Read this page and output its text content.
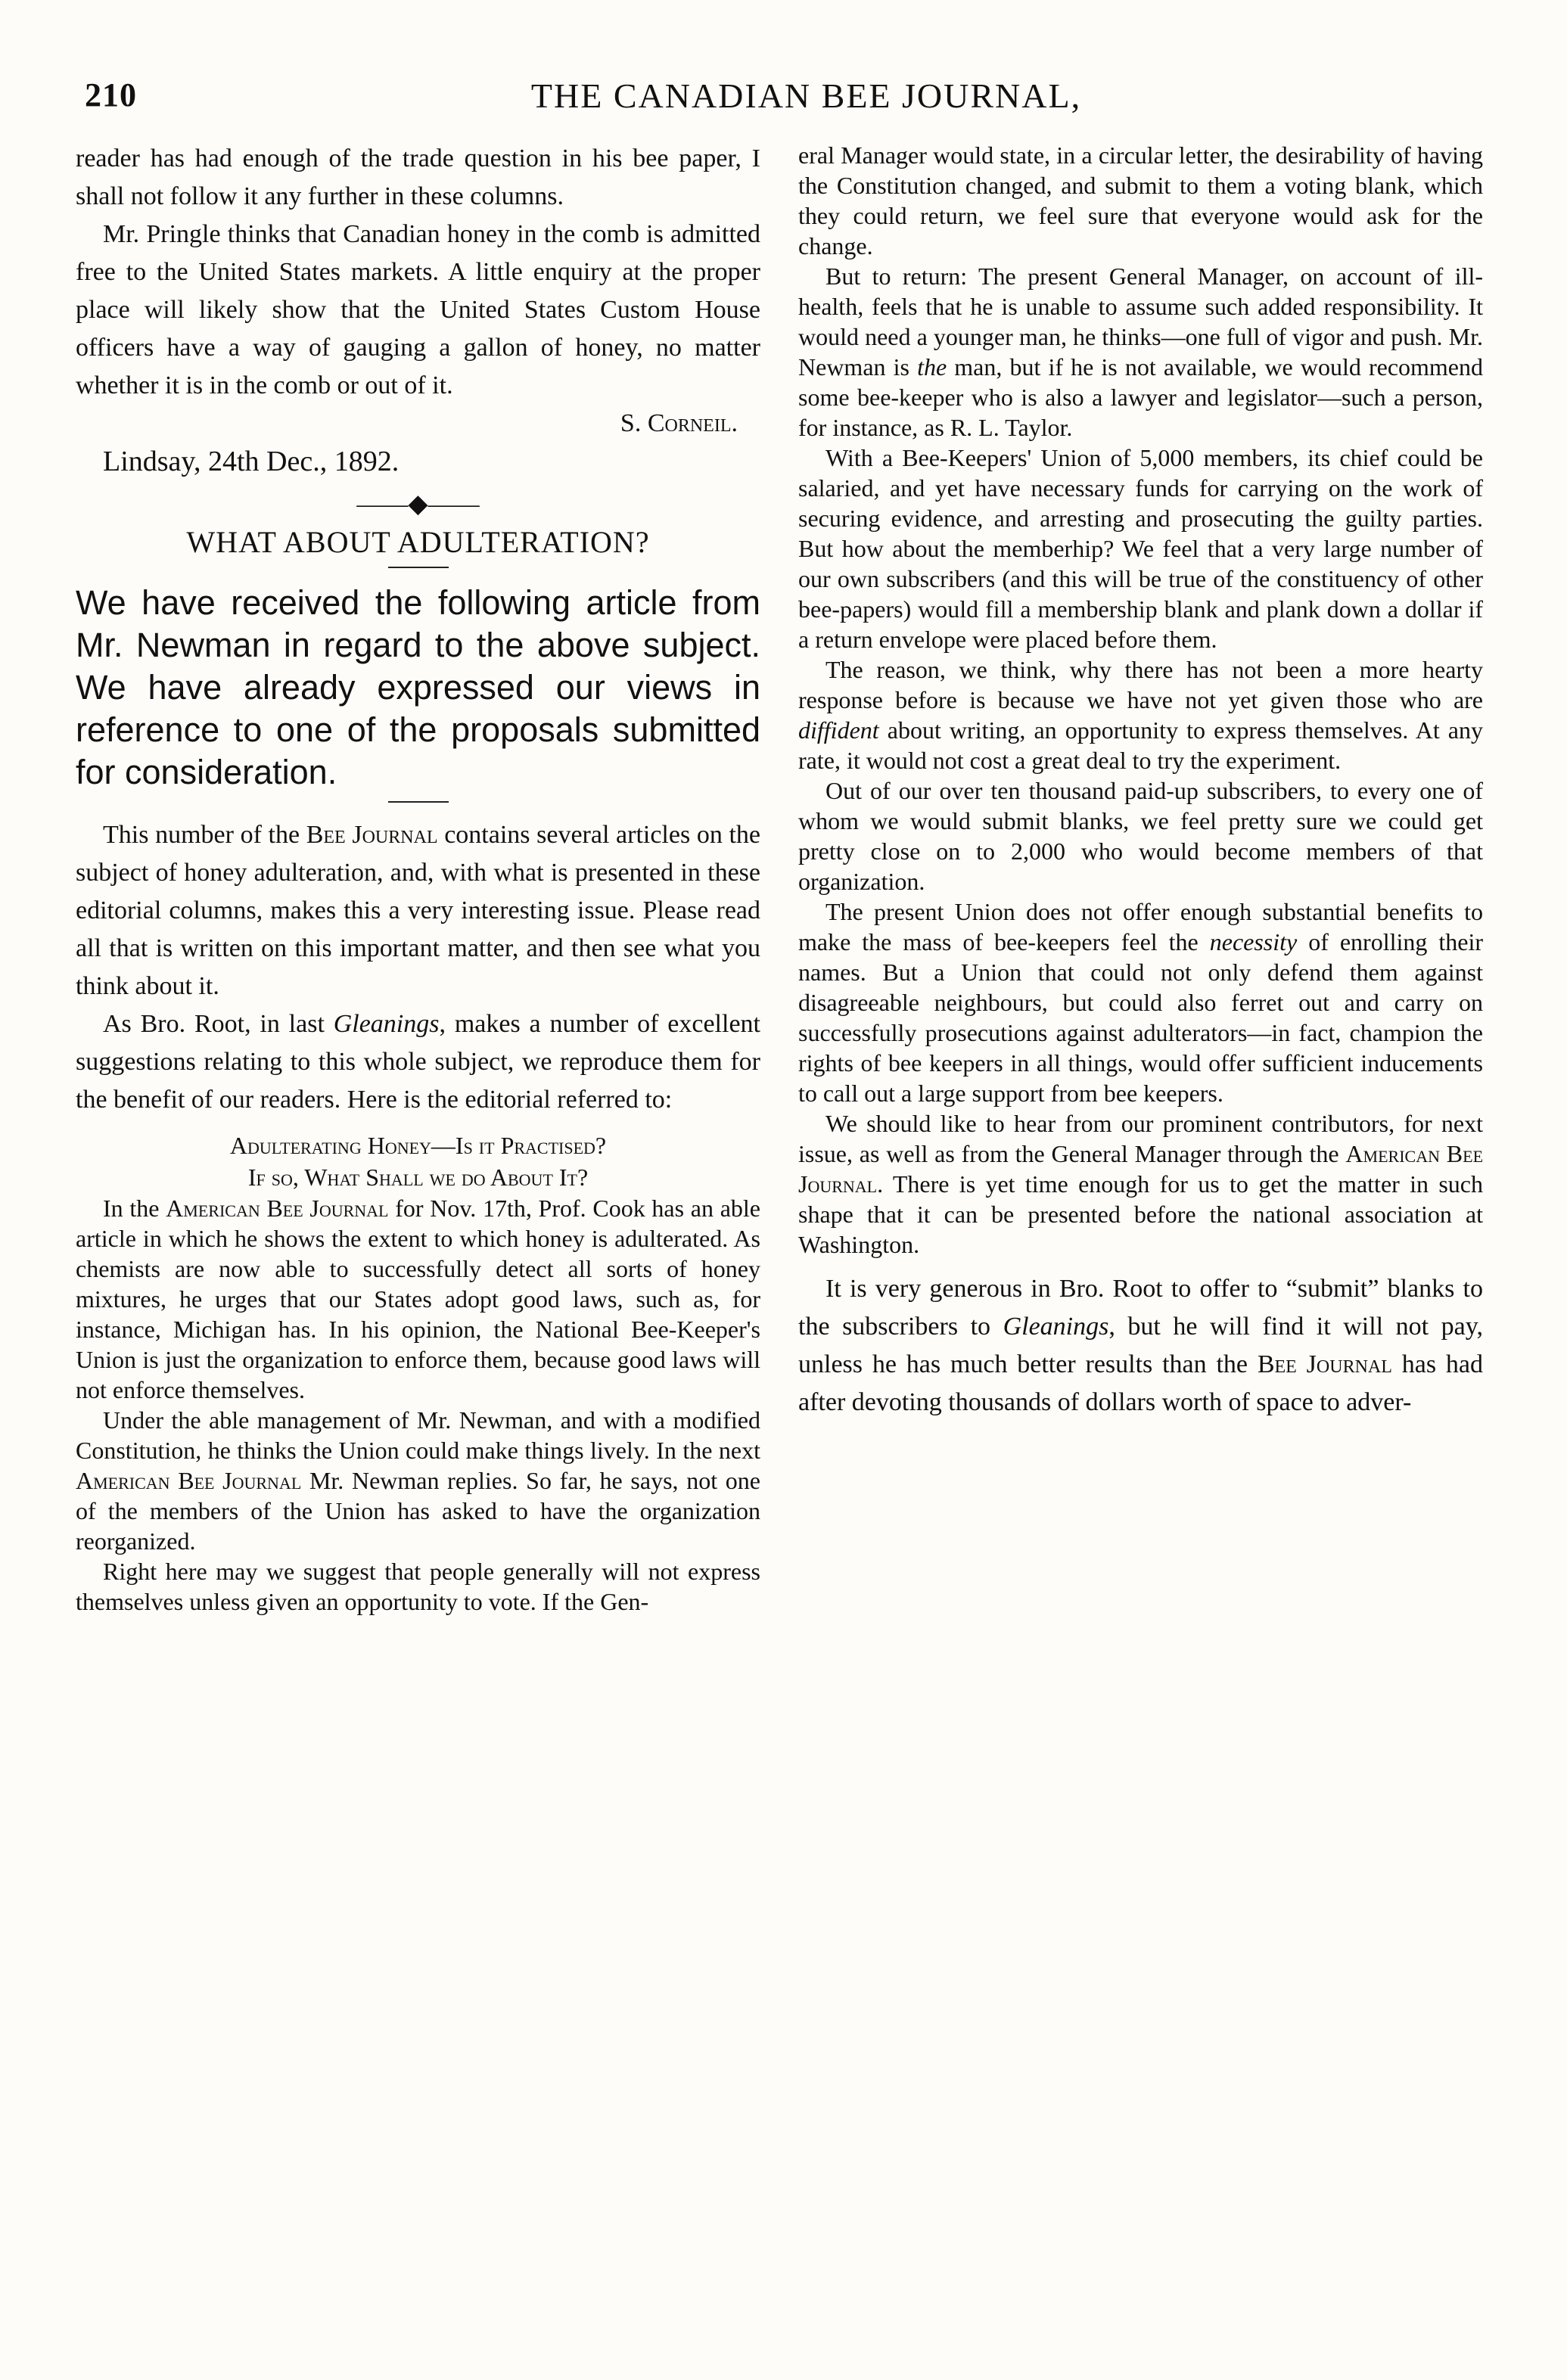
210	THE CANADIAN BEE JOURNAL,

reader has had enough of the trade question in his bee paper, I shall not follow it any further in these columns.

Mr. Pringle thinks that Canadian honey in the comb is admitted free to the United States markets. A little enquiry at the proper place will likely show that the United States Custom House officers have a way of gauging a gallon of honey, no matter whether it is in the comb or out of it.

S. Corneil.

Lindsay, 24th Dec., 1892.

——◆——
WHAT ABOUT ADULTERATION?

We have received the following article from Mr. Newman in regard to the above subject. We have already expressed our views in reference to one of the proposals submitted for consideration.

This number of the Bee Journal contains several articles on the subject of honey adulteration, and, with what is presented in these editorial columns, makes this a very interesting issue. Please read all that is written on this important matter, and then see what you think about it.

As Bro. Root, in last Gleanings, makes a number of excellent suggestions relating to this whole subject, we reproduce them for the benefit of our readers. Here is the editorial referred to:

Adulterating Honey—Is it Practised?

If so, What Shall we do About It?

In the American Bee Journal for Nov. 17th, Prof. Cook has an able article in which he shows the extent to which honey is adulterated. As chemists are now able to successfully detect all sorts of honey mixtures, he urges that our States adopt good laws, such as, for instance, Michigan has. In his opinion, the National Bee-Keeper's Union is just the organization to enforce them, because good laws will not enforce themselves.

Under the able management of Mr. Newman, and with a modified Constitution, he thinks the Union could make things lively. In the next American Bee Journal Mr. Newman replies. So far, he says, not one of the members of the Union has asked to have the organization reorganized.

Right here may we suggest that people generally will not express themselves unless given an opportunity to vote. If the Gen-

eral Manager would state, in a circular letter, the desirability of having the Constitution changed, and submit to them a voting blank, which they could return, we feel sure that everyone would ask for the change.

But to return: The present General Manager, on account of ill-health, feels that he is unable to assume such added responsibility. It would need a younger man, he thinks—one full of vigor and push. Mr. Newman is the man, but if he is not available, we would recommend some bee-keeper who is also a lawyer and legislator—such a person, for instance, as R. L. Taylor.

With a Bee-Keepers' Union of 5,000 members, its chief could be salaried, and yet have necessary funds for carrying on the work of securing evidence, and arresting and prosecuting the guilty parties. But how about the memberhip? We feel that a very large number of our own subscribers (and this will be true of the constituency of other bee-papers) would fill a membership blank and plank down a dollar if a return envelope were placed before them.

The reason, we think, why there has not been a more hearty response before is because we have not yet given those who are diffident about writing, an opportunity to express themselves. At any rate, it would not cost a great deal to try the experiment.

Out of our over ten thousand paid-up subscribers, to every one of whom we would submit blanks, we feel pretty sure we could get pretty close on to 2,000 who would become members of that organization.

The present Union does not offer enough substantial benefits to make the mass of bee-keepers feel the necessity of enrolling their names. But a Union that could not only defend them against disagreeable neighbours, but could also ferret out and carry on successfully prosecutions against adulterators—in fact, champion the rights of bee keepers in all things, would offer sufficient inducements to call out a large support from bee keepers.

We should like to hear from our prominent contributors, for next issue, as well as from the General Manager through the American Bee Journal. There is yet time enough for us to get the matter in such shape that it can be presented before the national association at Washington.

It is very generous in Bro. Root to offer to “submit” blanks to the subscribers to Gleanings, but he will find it will not pay, unless he has much better results than the Bee Journal has had after devoting thousands of dollars worth of space to adver-
